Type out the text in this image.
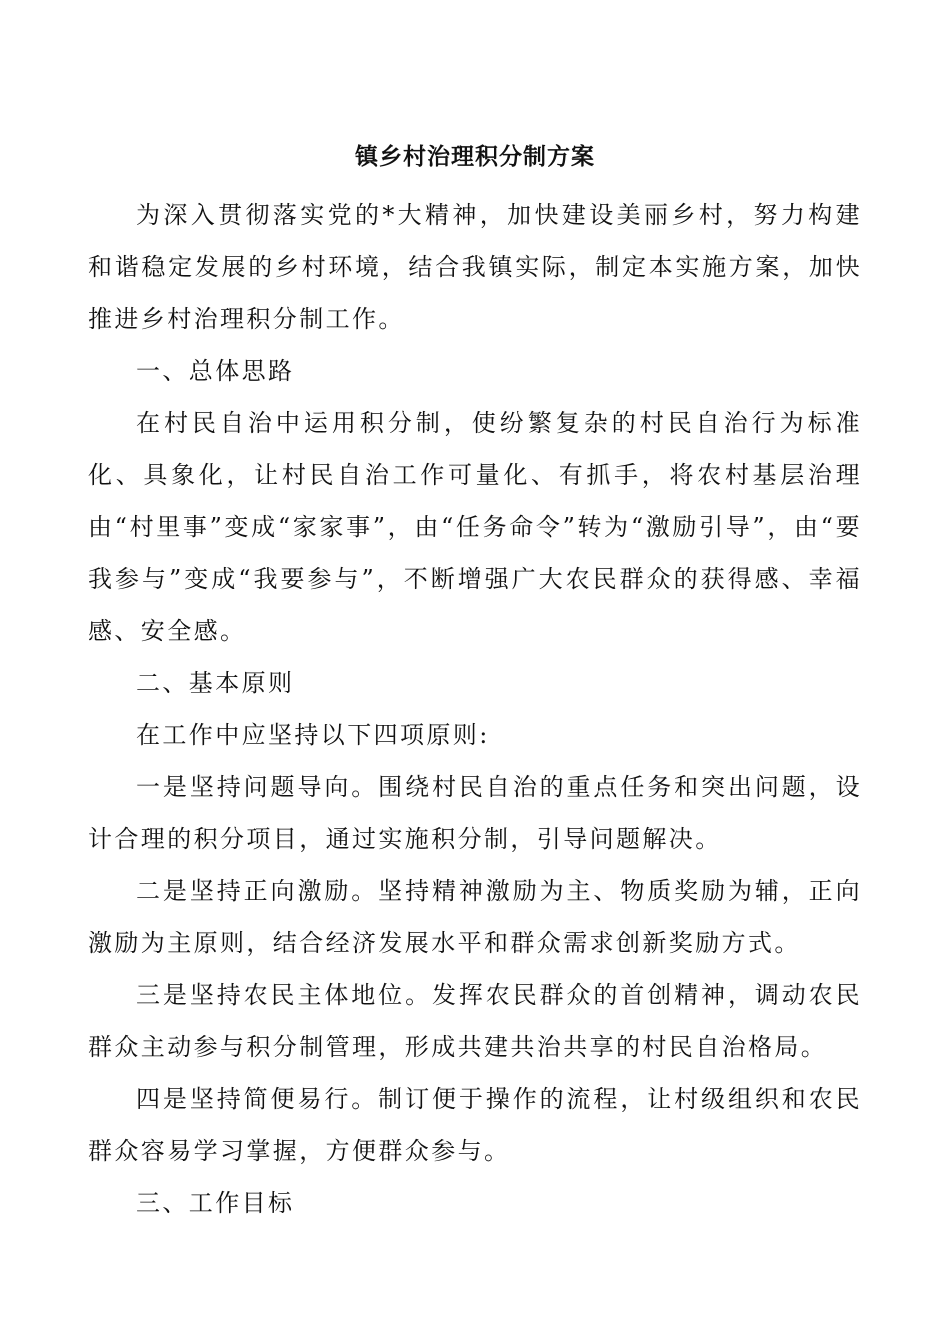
镇乡村治理积分制方案

为深入贯彻落实党的*大精神，加快建设美丽乡村，努力构建和谐稳定发展的乡村环境，结合我镇实际，制定本实施方案，加快推进乡村治理积分制工作。

一、总体思路

在村民自治中运用积分制，使纷繁复杂的村民自治行为标准化、具象化，让村民自治工作可量化、有抓手，将农村基层治理由“村里事”变成“家家事”，由“任务命令”转为“激励引导”，由“要我参与”变成“我要参与”，不断增强广大农民群众的获得感、幸福感、安全感。

二、基本原则

在工作中应坚持以下四项原则:

一是坚持问题导向。围绕村民自治的重点任务和突出问题，设计合理的积分项目，通过实施积分制，引导问题解决。

二是坚持正向激励。坚持精神激励为主、物质奖励为辅，正向激励为主原则，结合经济发展水平和群众需求创新奖励方式。

三是坚持农民主体地位。发挥农民群众的首创精神，调动农民群众主动参与积分制管理，形成共建共治共享的村民自治格局。

四是坚持简便易行。制订便于操作的流程，让村级组织和农民群众容易学习掌握，方便群众参与。

三、工作目标
